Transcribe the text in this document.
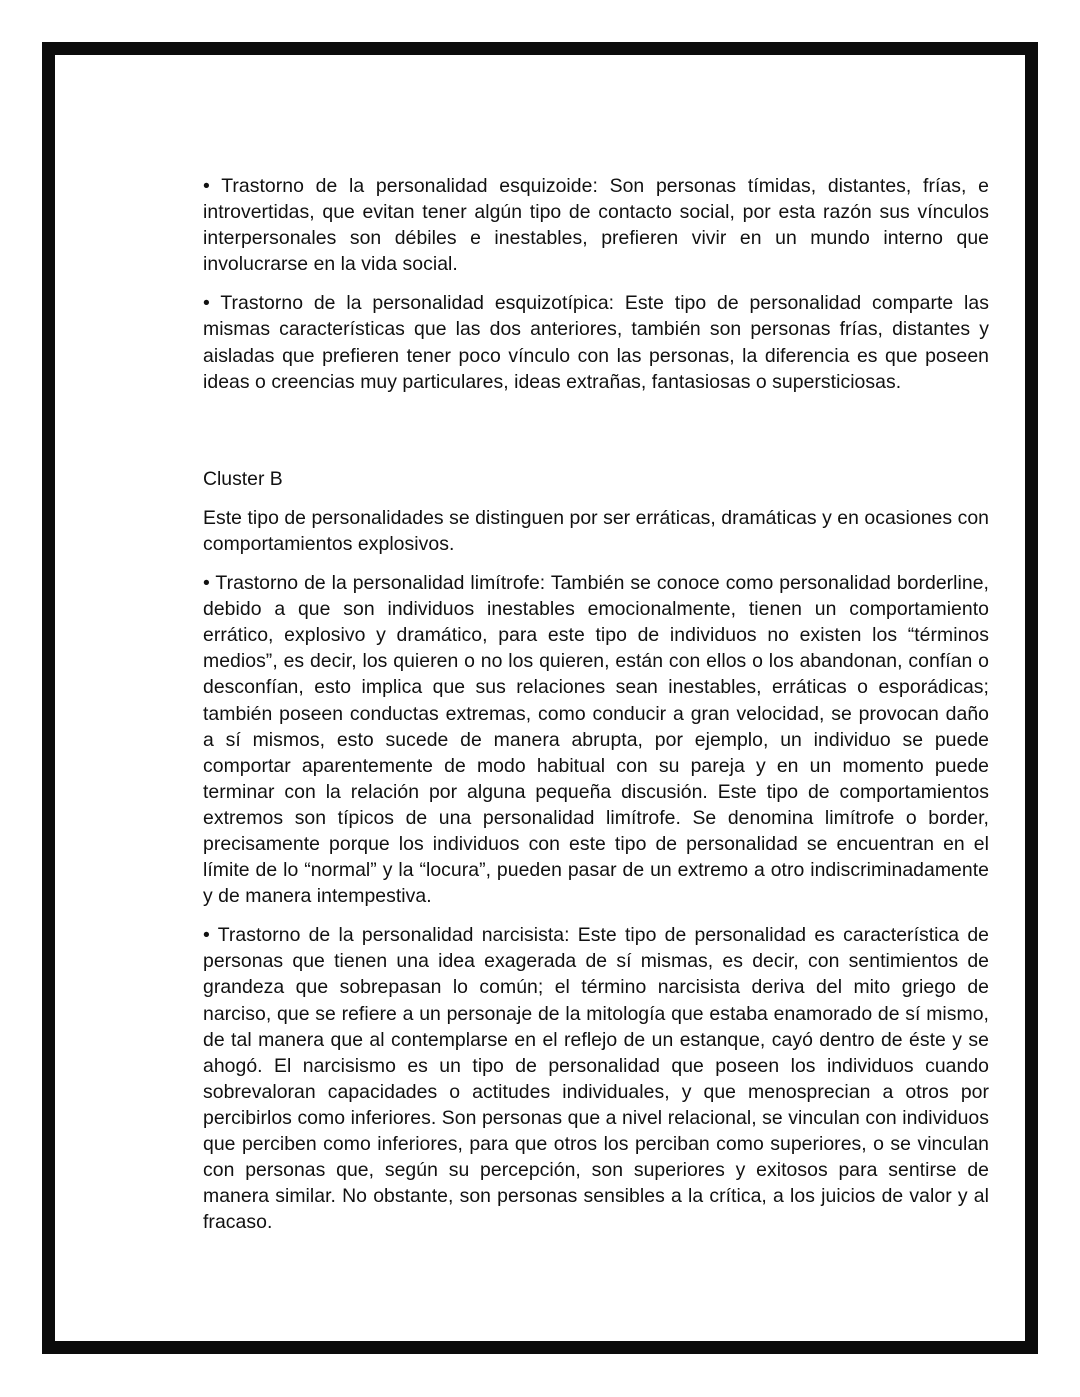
• Trastorno de la personalidad esquizoide: Son personas tímidas, distantes, frías, e introvertidas, que evitan tener algún tipo de contacto social, por esta razón sus vínculos interpersonales son débiles e inestables, prefieren vivir en un mundo interno que involucrarse en la vida social.

• Trastorno de la personalidad esquizotípica: Este tipo de personalidad comparte las mismas características que las dos anteriores, también son personas frías, distantes y aisladas que prefieren tener poco vínculo con las personas, la diferencia es que poseen ideas o creencias muy particulares, ideas extrañas, fantasiosas o supersticiosas.

Cluster B

Este tipo de personalidades se distinguen por ser erráticas, dramáticas y en ocasiones con comportamientos explosivos.

• Trastorno de la personalidad limítrofe: También se conoce como personalidad borderline, debido a que son individuos inestables emocionalmente, tienen un comportamiento errático, explosivo y dramático, para este tipo de individuos no existen los “términos medios”, es decir, los quieren o no los quieren, están con ellos o los abandonan, confían o desconfían, esto implica que sus relaciones sean inestables, erráticas o esporádicas; también poseen conductas extremas, como conducir a gran velocidad, se provocan daño a sí mismos, esto sucede de manera abrupta, por ejemplo, un individuo se puede comportar aparentemente de modo habitual con su pareja y en un momento puede terminar con la relación por alguna pequeña discusión. Este tipo de comportamientos extremos son típicos de una personalidad limítrofe. Se denomina limítrofe o border, precisamente porque los individuos con este tipo de personalidad se encuentran en el límite de lo “normal” y la “locura”, pueden pasar de un extremo a otro indiscriminadamente y de manera intempestiva.

• Trastorno de la personalidad narcisista: Este tipo de personalidad es característica de personas que tienen una idea exagerada de sí mismas, es decir, con sentimientos de grandeza que sobrepasan lo común; el término narcisista deriva del mito griego de narciso, que se refiere a un personaje de la mitología que estaba enamorado de sí mismo, de tal manera que al contemplarse en el reflejo de un estanque, cayó dentro de éste y se ahogó. El narcisismo es un tipo de personalidad que poseen los individuos cuando sobrevaloran capacidades o actitudes individuales, y que menosprecian a otros por percibirlos como inferiores. Son personas que a nivel relacional, se vinculan con individuos que perciben como inferiores, para que otros los perciban como superiores, o se vinculan con personas que, según su percepción, son superiores y exitosos para sentirse de manera similar. No obstante, son personas sensibles a la crítica, a los juicios de valor y al fracaso.
